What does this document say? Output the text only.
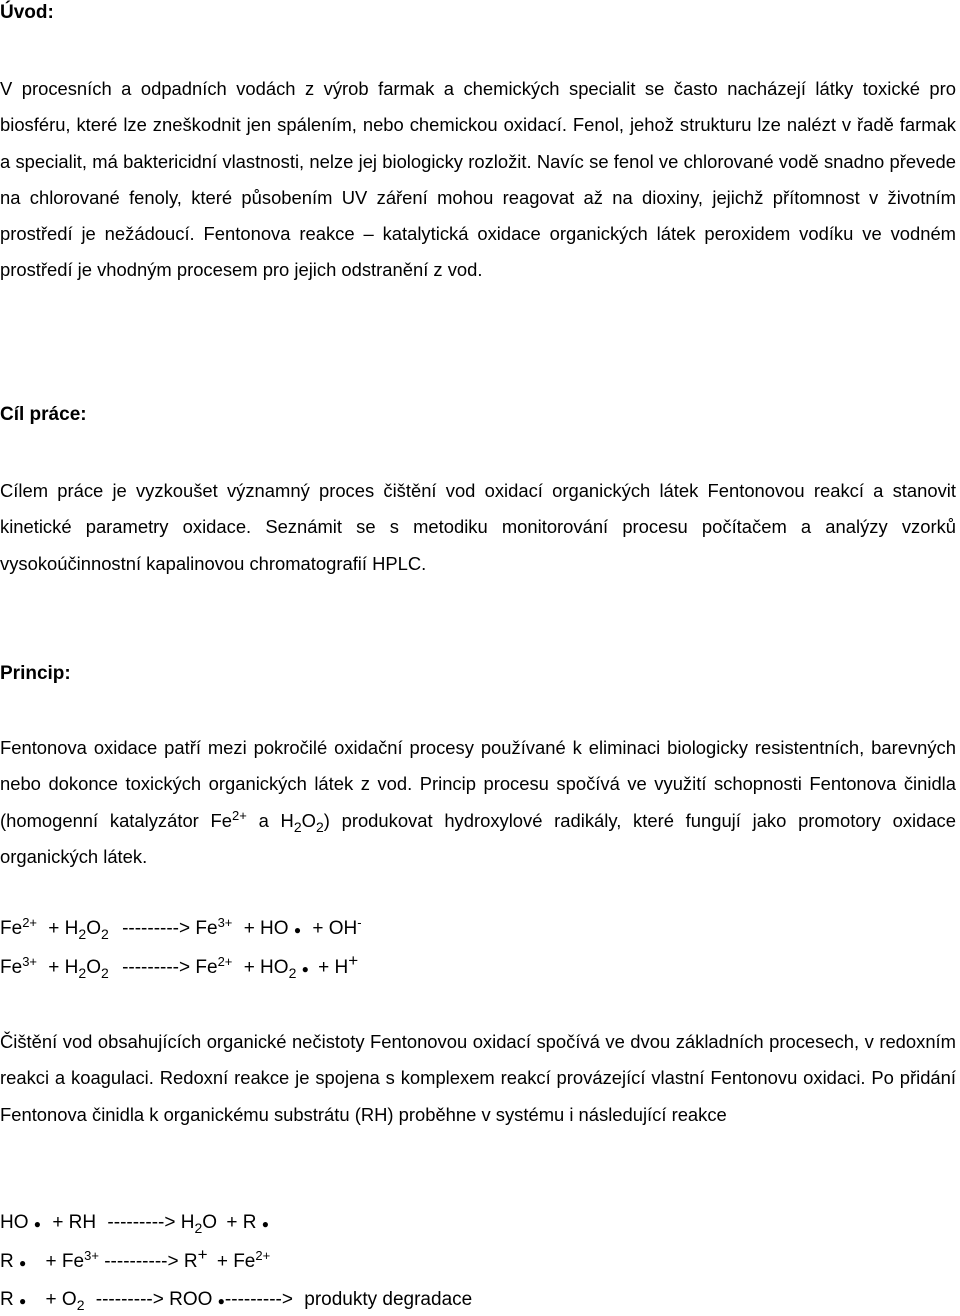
Úvod:

V procesních a odpadních vodách z výrob farmak a chemických specialit se často nacházejí látky toxické pro biosféru, které lze zneškodnit jen spálením, nebo chemickou oxidací. Fenol, jehož strukturu lze nalézt v řadě farmak a specialit, má baktericidní vlastnosti, nelze jej biologicky rozložit. Navíc se fenol ve chlorované vodě snadno převede na chlorované fenoly, které působením UV záření mohou reagovat až na dioxiny, jejichž přítomnost v životním prostředí je nežádoucí. Fentonova reakce – katalytická oxidace organických látek peroxidem vodíku ve vodném prostředí je vhodným procesem pro jejich odstranění z vod.

Cíl práce:

Cílem práce je vyzkoušet významný proces čištění vod oxidací organických látek Fentonovou reakcí a stanovit kinetické parametry oxidace. Seznámit se s metodiku monitorování procesu počítačem a analýzy vzorků vysokoúčinnostní kapalinovou chromatografií HPLC.

Princip:

Fentonova oxidace patří mezi pokročilé oxidační procesy používané k eliminaci biologicky resistentních, barevných nebo dokonce toxických organických látek z vod. Princip procesu spočívá ve využití schopnosti Fentonova činidla (homogenní katalyzátor $Fe^{2+}$ a $H_2O_2$) produkovat hydroxylové radikály, které fungují jako promotory oxidace organických látek.

$Fe^{2+} + H_2O_2$ ---------> $Fe^{3+}$ + HO ● + OH-
$Fe^{3+} + H_2O_2$ ---------> $Fe^{2+} + HO_2$ ● + H+

Čištění vod obsahujících organické nečistoty Fentonovou oxidací spočívá ve dvou základních procesech, v redoxním reakci a koagulaci. Redoxní reakce je spojena s komplexem reakcí provázející vlastní Fentonovu oxidaci. Po přidání Fentonova činidla k organickému substrátu (RH) proběhne v systému i následující reakce

HO ● + RH ---------> $H_2O + R$ ●
R ● + $Fe^{3+}$ ----------> $R^+ + Fe^{2+}$
R ● + $O_2$ ---------> ROO ●---------> produkty degradace
